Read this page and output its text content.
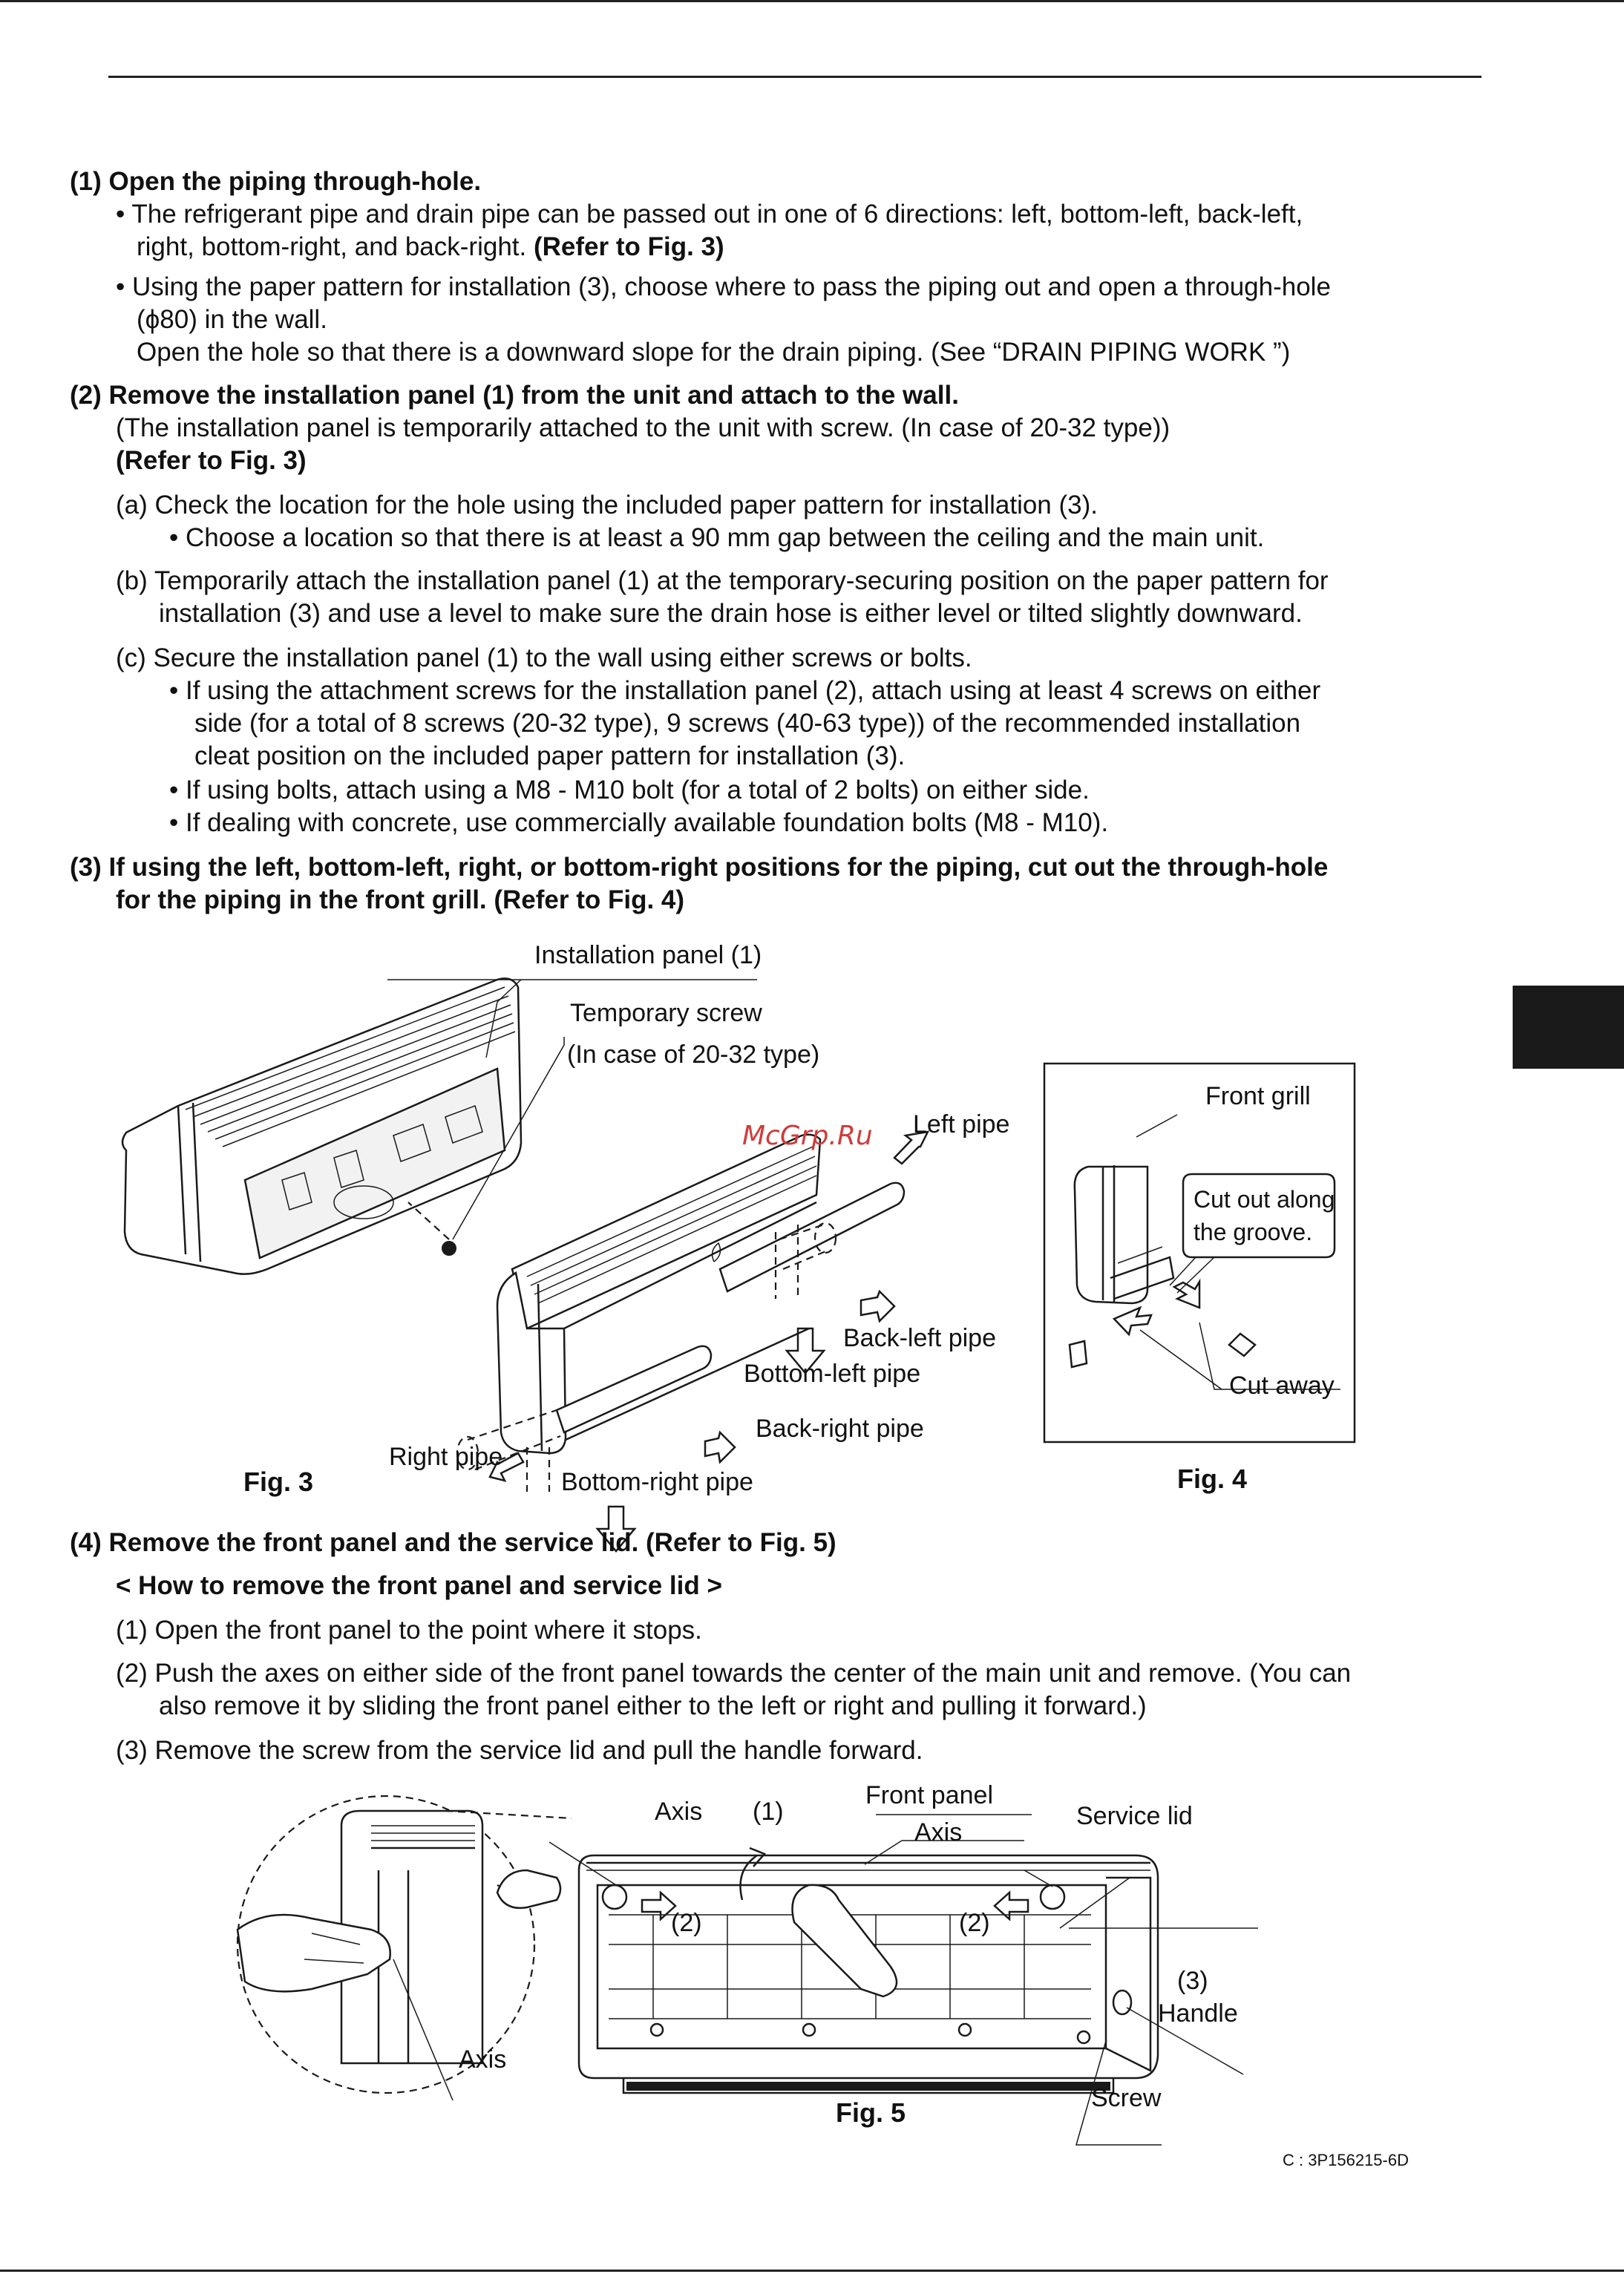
(1) Open the piping through-hole.
• The refrigerant pipe and drain pipe can be passed out in one of 6 directions: left, bottom-left, back-left,
right, bottom-right, and back-right. (Refer to Fig. 3)
• Using the paper pattern for installation (3), choose where to pass the piping out and open a through-hole
(ϕ80) in the wall.
Open the hole so that there is a downward slope for the drain piping. (See “DRAIN PIPING WORK ”)
(2) Remove the installation panel (1) from the unit and attach to the wall.
(The installation panel is temporarily attached to the unit with screw. (In case of 20-32 type))
(Refer to Fig. 3)
(a) Check the location for the hole using the included paper pattern for installation (3).
• Choose a location so that there is at least a 90 mm gap between the ceiling and the main unit.
(b) Temporarily attach the installation panel (1) at the temporary-securing position on the paper pattern for
installation (3) and use a level to make sure the drain hose is either level or tilted slightly downward.
(c) Secure the installation panel (1) to the wall using either screws or bolts.
• If using the attachment screws for the installation panel (2), attach using at least 4 screws on either
side (for a total of 8 screws (20-32 type), 9 screws (40-63 type)) of the recommended installation
cleat position on the included paper pattern for installation (3).
• If using bolts, attach using a M8 - M10 bolt (for a total of 2 bolts) on either side.
• If dealing with concrete, use commercially available foundation bolts (M8 - M10).
(3) If using the left, bottom-left, right, or bottom-right positions for the piping, cut out the through-hole
for the piping in the front grill. (Refer to Fig. 4)
Installation panel (1)
Temporary screw
(In case of 20-32 type)
Left pipe
Back-left pipe
Bottom-left pipe
Back-right pipe
Right pipe
Bottom-right pipe
Fig. 3
McGrp.Ru
Front grill
Cut out along
the groove.
Cut away
Fig. 4
(4) Remove the front panel and the service lid. (Refer to Fig. 5)
< How to remove the front panel and service lid >
(1) Open the front panel to the point where it stops.
(2) Push the axes on either side of the front panel towards the center of the main unit and remove. (You can
also remove it by sliding the front panel either to the left or right and pulling it forward.)
(3) Remove the screw from the service lid and pull the handle forward.
Axis (1)
Front panel
Axis
Service lid
(2)	(2)
(3)
Handle
Axis
Screw
Fig. 5
C : 3P156215-6D
